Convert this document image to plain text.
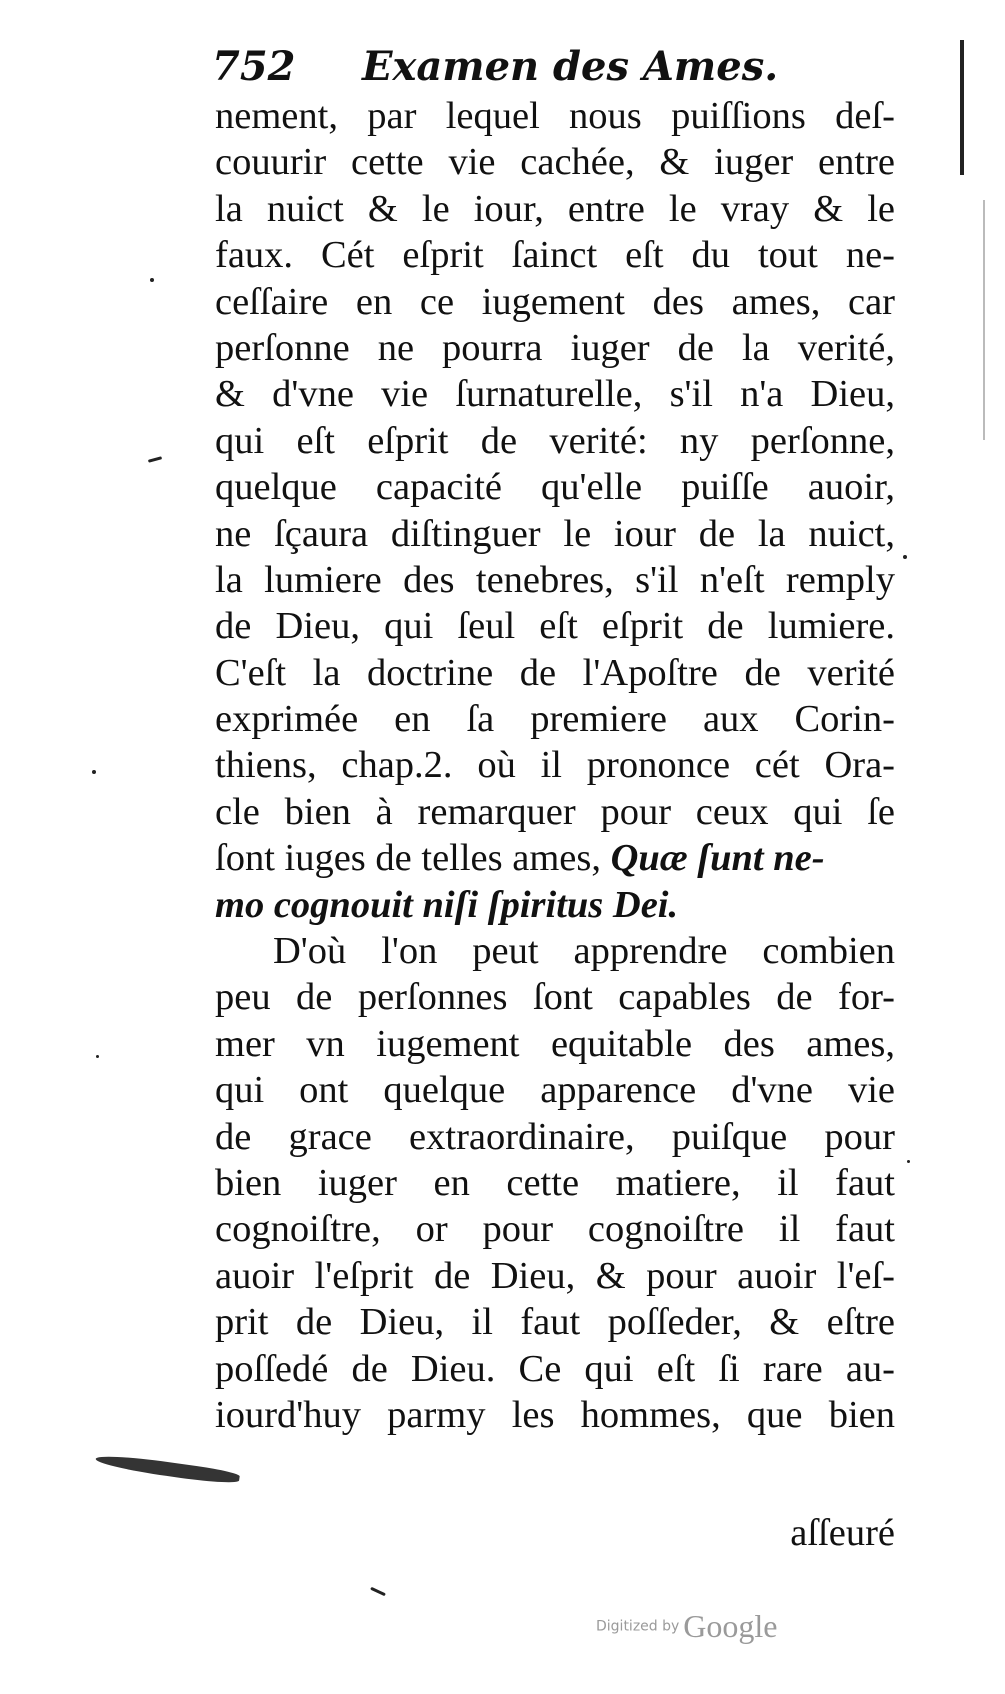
752 Examen des Ames.
nement, par lequel nous puiſſions deſ-
couurir cette vie cachée, & iuger entre
la nuict & le iour, entre le vray & le
faux. Cét eſprit ſainct eſt du tout ne-
ceſſaire en ce iugement des ames, car
perſonne ne pourra iuger de la verité,
& d'vne vie ſurnaturelle, s'il n'a Dieu,
qui eſt eſprit de verité: ny perſonne,
quelque capacité qu'elle puiſſe auoir,
ne ſçaura diſtinguer le iour de la nuict,
la lumiere des tenebres, s'il n'eſt remply
de Dieu, qui ſeul eſt eſprit de lumiere.
C'eſt la doctrine de l'Apoſtre de verité
exprimée en ſa premiere aux Corin-
thiens, chap.2. où il prononce cét Ora-
cle bien à remarquer pour ceux qui ſe
ſont iuges de telles ames, Quæ ſunt ne-
mo cognouit niſi ſpiritus Dei.
D'où l'on peut apprendre combien
peu de perſonnes ſont capables de for-
mer vn iugement equitable des ames,
qui ont quelque apparence d'vne vie
de grace extraordinaire, puiſque pour
bien iuger en cette matiere, il faut
cognoiſtre, or pour cognoiſtre il faut
auoir l'eſprit de Dieu, & pour auoir l'eſ-
prit de Dieu, il faut poſſeder, & eſtre
poſſedé de Dieu. Ce qui eſt ſi rare au-
iourd'huy parmy les hommes, que bien
aſſeuré
Digitized by Google
